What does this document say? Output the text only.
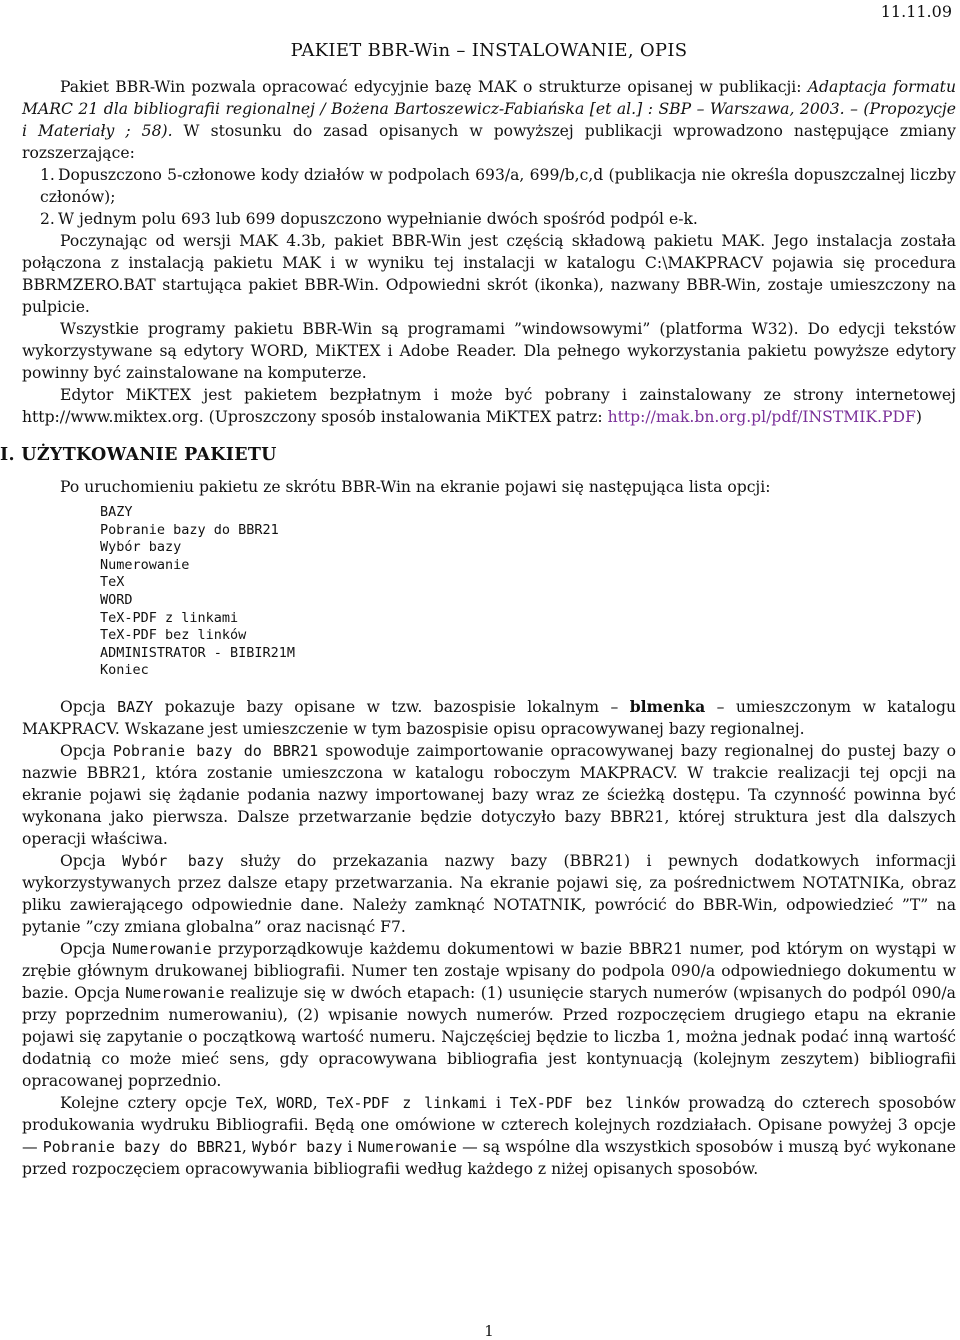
11.11.09
PAKIET BBR-Win – INSTALOWANIE, OPIS

Pakiet BBR-Win pozwala opracować edycyjnie bazę MAK o strukturze opisanej w publikacji: Adaptacja formatu MARC 21 dla bibliografii regionalnej / Bożena Bartoszewicz-Fabiańska [et al.] : SBP – Warszawa, 2003. – (Propozycje i Materiały ; 58). W stosunku do zasad opisanych w powyższej publikacji wprowadzono następujące zmiany rozszerzające:

1. Dopuszczono 5-członowe kody działów w podpolach 693/a, 699/b,c,d (publikacja nie określa dopuszczalnej liczby członów);

2. W jednym polu 693 lub 699 dopuszczono wypełnianie dwóch spośród podpól e-k.

Poczynając od wersji MAK 4.3b, pakiet BBR-Win jest częścią składową pakietu MAK. Jego instalacja została połączona z instalacją pakietu MAK i w wyniku tej instalacji w katalogu C:\MAKPRACV pojawia się procedura BBRMZERO.BAT startująca pakiet BBR-Win. Odpowiedni skrót (ikonka), nazwany BBR-Win, zostaje umieszczony na pulpicie.

Wszystkie programy pakietu BBR-Win są programami ”windowsowymi” (platforma W32). Do edycji tekstów wykorzystywane są edytory WORD, MiKTEX i Adobe Reader. Dla pełnego wykorzystania pakietu powyższe edytory powinny być zainstalowane na komputerze.

Edytor MiKTEX jest pakietem bezpłatnym i może być pobrany i zainstalowany ze strony internetowej http://www.miktex.org. (Uproszczony sposób instalowania MiKTEX patrz: http://mak.bn.org.pl/pdf/INSTMIK.PDF)

I. UŻYTKOWANIE PAKIETU

Po uruchomieniu pakietu ze skrótu BBR-Win na ekranie pojawi się następująca lista opcji:

BAZY
Pobranie bazy do BBR21
Wybór bazy
Numerowanie
TeX
WORD
TeX-PDF z linkami
TeX-PDF bez linków
ADMINISTRATOR - BIBIR21M
Koniec

Opcja BAZY pokazuje bazy opisane w tzw. bazospisie lokalnym – blmenka – umieszczonym w katalogu MAKPRACV. Wskazane jest umieszczenie w tym bazospisie opisu opracowywanej bazy regionalnej.

Opcja Pobranie bazy do BBR21 spowoduje zaimportowanie opracowywanej bazy regionalnej do pustej bazy o nazwie BBR21, która zostanie umieszczona w katalogu roboczym MAKPRACV. W trakcie realizacji tej opcji na ekranie pojawi się żądanie podania nazwy importowanej bazy wraz ze ścieżką dostępu. Ta czynność powinna być wykonana jako pierwsza. Dalsze przetwarzanie będzie dotyczyło bazy BBR21, której struktura jest dla dalszych operacji właściwa.

Opcja Wybór bazy służy do przekazania nazwy bazy (BBR21) i pewnych dodatkowych informacji wykorzystywanych przez dalsze etapy przetwarzania. Na ekranie pojawi się, za pośrednictwem NOTATNIKa, obraz pliku zawierającego odpowiednie dane. Należy zamknąć NOTATNIK, powrócić do BBR-Win, odpowiedzieć ”T” na pytanie ”czy zmiana globalna” oraz nacisnąć F7.

Opcja Numerowanie przyporządkowuje każdemu dokumentowi w bazie BBR21 numer, pod którym on wystąpi w zrębie głównym drukowanej bibliografii. Numer ten zostaje wpisany do podpola 090/a odpowiedniego dokumentu w bazie. Opcja Numerowanie realizuje się w dwóch etapach: (1) usunięcie starych numerów (wpisanych do podpól 090/a przy poprzednim numerowaniu), (2) wpisanie nowych numerów. Przed rozpoczęciem drugiego etapu na ekranie pojawi się zapytanie o początkową wartość numeru. Najczęściej będzie to liczba 1, można jednak podać inną wartość dodatnią co może mieć sens, gdy opracowywana bibliografia jest kontynuacją (kolejnym zeszytem) bibliografii opracowanej poprzednio.

Kolejne cztery opcje TeX, WORD, TeX-PDF z linkami i TeX-PDF bez linków prowadzą do czterech sposobów produkowania wydruku Bibliografii. Będą one omówione w czterech kolejnych rozdziałach. Opisane powyżej 3 opcje — Pobranie bazy do BBR21, Wybór bazy i Numerowanie — są wspólne dla wszystkich sposobów i muszą być wykonane przed rozpoczęciem opracowywania bibliografii według każdego z niżej opisanych sposobów.

1
